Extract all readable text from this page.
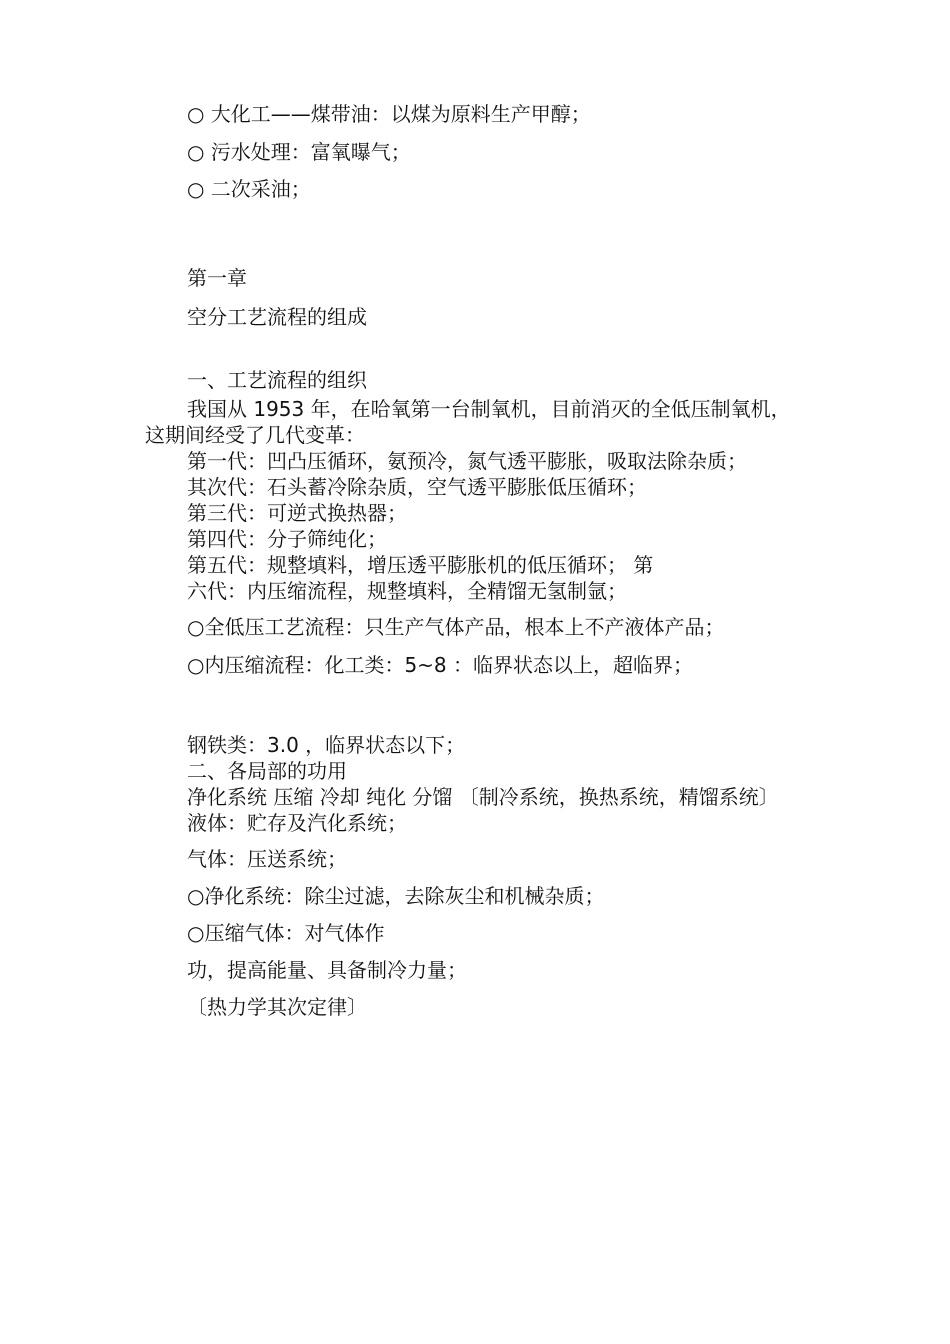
○ 大化工——煤带油：以煤为原料生产甲醇；
○ 污水处理：富氧曝气；
○ 二次采油；
第一章
空分工艺流程的组成
一、工艺流程的组织
我国从 1953 年，在哈氧第一台制氧机，目前消灭的全低压制氧机，
这期间经受了几代变革：
第一代：凹凸压循环，氨预冷，氮气透平膨胀，吸取法除杂质；
其次代：石头蓄冷除杂质，空气透平膨胀低压循环；
第三代：可逆式换热器；
第四代：分子筛纯化；
第五代：规整填料，增压透平膨胀机的低压循环； 第
六代：内压缩流程，规整填料，全精馏无氢制氩；
○全低压工艺流程：只生产气体产品，根本上不产液体产品；
○内压缩流程：化工类：5~8 ：临界状态以上，超临界；
钢铁类：3.0 ，临界状态以下；
二、各局部的功用
净化系统 压缩 冷却 纯化 分馏 〔制冷系统，换热系统，精馏系统〕
液体：贮存及汽化系统；
气体：压送系统；
○净化系统：除尘过滤，去除灰尘和机械杂质；
○压缩气体：对气体作
功，提高能量、具备制冷力量；
〔热力学其次定律〕
